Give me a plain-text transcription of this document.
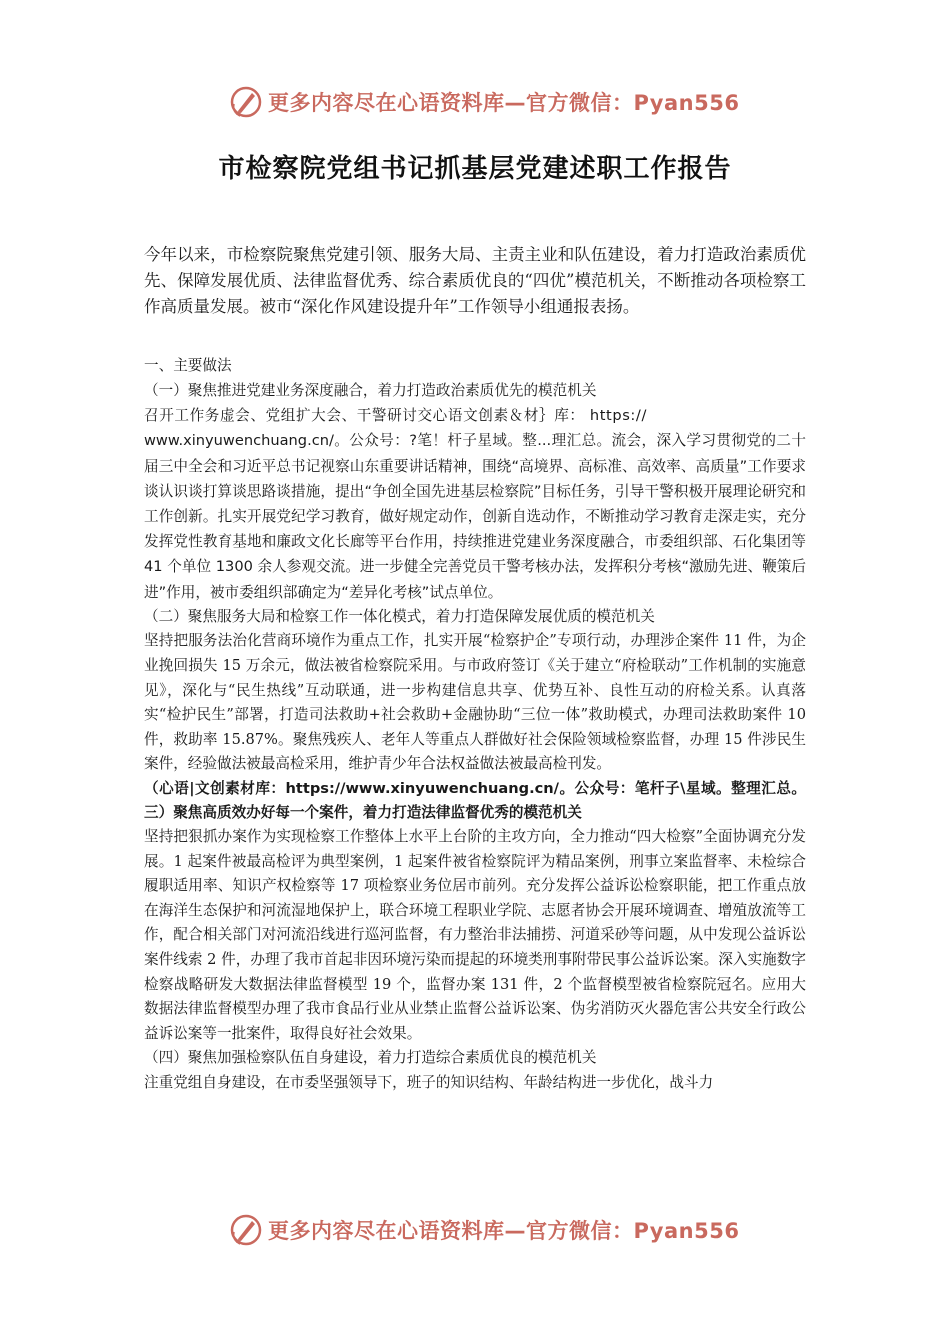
更多内容尽在心语资料库—官方微信：Pyan556
市检察院党组书记抓基层党建述职工作报告

今年以来，市检察院聚焦党建引领、服务大局、主责主业和队伍建设，着力打造政治素质优先、保障发展优质、法律监督优秀、综合素质优良的“四优”模范机关，不断推动各项检察工作高质量发展。被市“深化作风建设提升年”工作领导小组通报表扬。

一、主要做法

（一）聚焦推进党建业务深度融合，着力打造政治素质优先的模范机关

召开工作务虚会、党组扩大会、干警研讨交心语文创素＆材｝库： https://

www.xinyuwenchuang.cn/。公众号：?笔！杆子星域。整...理汇总。流会，深入学习贯彻党的二十届三中全会和习近平总书记视察山东重要讲话精神，围绕“高境界、高标准、高效率、高质量”工作要求谈认识谈打算谈思路谈措施，提出“争创全国先进基层检察院”目标任务，引导干警积极开展理论研究和工作创新。扎实开展党纪学习教育，做好规定动作，创新自选动作，不断推动学习教育走深走实，充分发挥党性教育基地和廉政文化长廊等平台作用，持续推进党建业务深度融合，市委组织部、石化集团等 41 个单位 1300 余人参观交流。进一步健全完善党员干警考核办法，发挥积分考核“激励先进、鞭策后进”作用，被市委组织部确定为“差异化考核”试点单位。

（二）聚焦服务大局和检察工作一体化模式，着力打造保障发展优质的模范机关

坚持把服务法治化营商环境作为重点工作，扎实开展“检察护企”专项行动，办理涉企案件 11 件，为企业挽回损失 15 万余元，做法被省检察院采用。与市政府签订《关于建立“府检联动”工作机制的实施意见》，深化与“民生热线”互动联通，进一步构建信息共享、优势互补、良性互动的府检关系。认真落实“检护民生”部署，打造司法救助+社会救助+金融协助“三位一体”救助模式，办理司法救助案件 10 件，救助率 15.87%。聚焦残疾人、老年人等重点人群做好社会保险领域检察监督，办理 15 件涉民生案件，经验做法被最高检采用，维护青少年合法权益做法被最高检刊发。

（心语|文创素材库：https://www.xinyuwenchuang.cn/。公众号：笔杆子\星域。整理汇总。三）聚焦高质效办好每一个案件，着力打造法律监督优秀的模范机关

坚持把狠抓办案作为实现检察工作整体上水平上台阶的主攻方向，全力推动“四大检察”全面协调充分发展。1 起案件被最高检评为典型案例，1 起案件被省检察院评为精品案例，刑事立案监督率、未检综合履职适用率、知识产权检察等 17 项检察业务位居市前列。充分发挥公益诉讼检察职能，把工作重点放在海洋生态保护和河流湿地保护上，联合环境工程职业学院、志愿者协会开展环境调查、增殖放流等工作，配合相关部门对河流沿线进行巡河监督，有力整治非法捕捞、河道采砂等问题，从中发现公益诉讼案件线索 2 件，办理了我市首起非因环境污染而提起的环境类刑事附带民事公益诉讼案。深入实施数字检察战略研发大数据法律监督模型 19 个，监督办案 131 件，2 个监督模型被省检察院冠名。应用大数据法律监督模型办理了我市食品行业从业禁止监督公益诉讼案、伪劣消防灭火器危害公共安全行政公益诉讼案等一批案件，取得良好社会效果。

（四）聚焦加强检察队伍自身建设，着力打造综合素质优良的模范机关

注重党组自身建设，在市委坚强领导下，班子的知识结构、年龄结构进一步优化，战斗力

更多内容尽在心语资料库—官方微信：Pyan556
